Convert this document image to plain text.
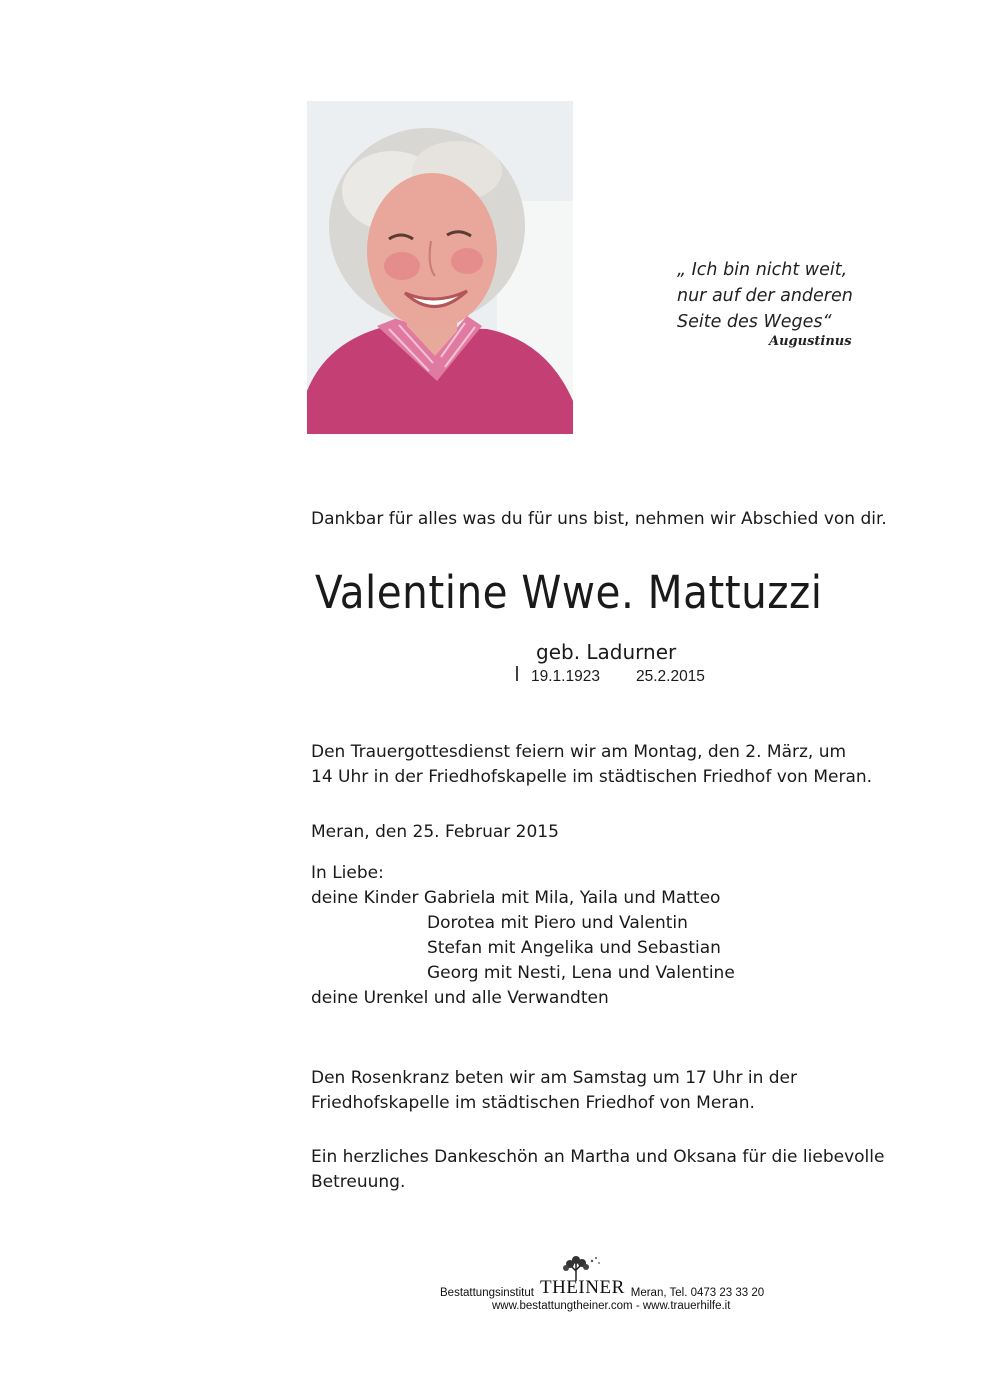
„ Ich bin nicht weit,
nur auf der anderen
Seite des Weges“
Augustinus
Dankbar für alles was du für uns bist, nehmen wir Abschied von dir.
Valentine Wwe. Mattuzzi
geb. Ladurner
19.1.1923 25.2.2015
Den Trauergottesdienst feiern wir am Montag, den 2. März, um
14 Uhr in der Friedhofskapelle im städtischen Friedhof von Meran.
Meran, den 25. Februar 2015
In Liebe:
deine Kinder Gabriela mit Mila, Yaila und Matteo
Dorotea mit Piero und Valentin
Stefan mit Angelika und Sebastian
Georg mit Nesti, Lena und Valentine
deine Urenkel und alle Verwandten
Den Rosenkranz beten wir am Samstag um 17 Uhr in der
Friedhofskapelle im städtischen Friedhof von Meran.
Ein herzliches Dankeschön an Martha und Oksana für die liebevolle
Betreuung.
Bestattungsinstitut THEINER Meran, Tel. 0473 23 33 20
www.bestattungtheiner.com - www.trauerhilfe.it
